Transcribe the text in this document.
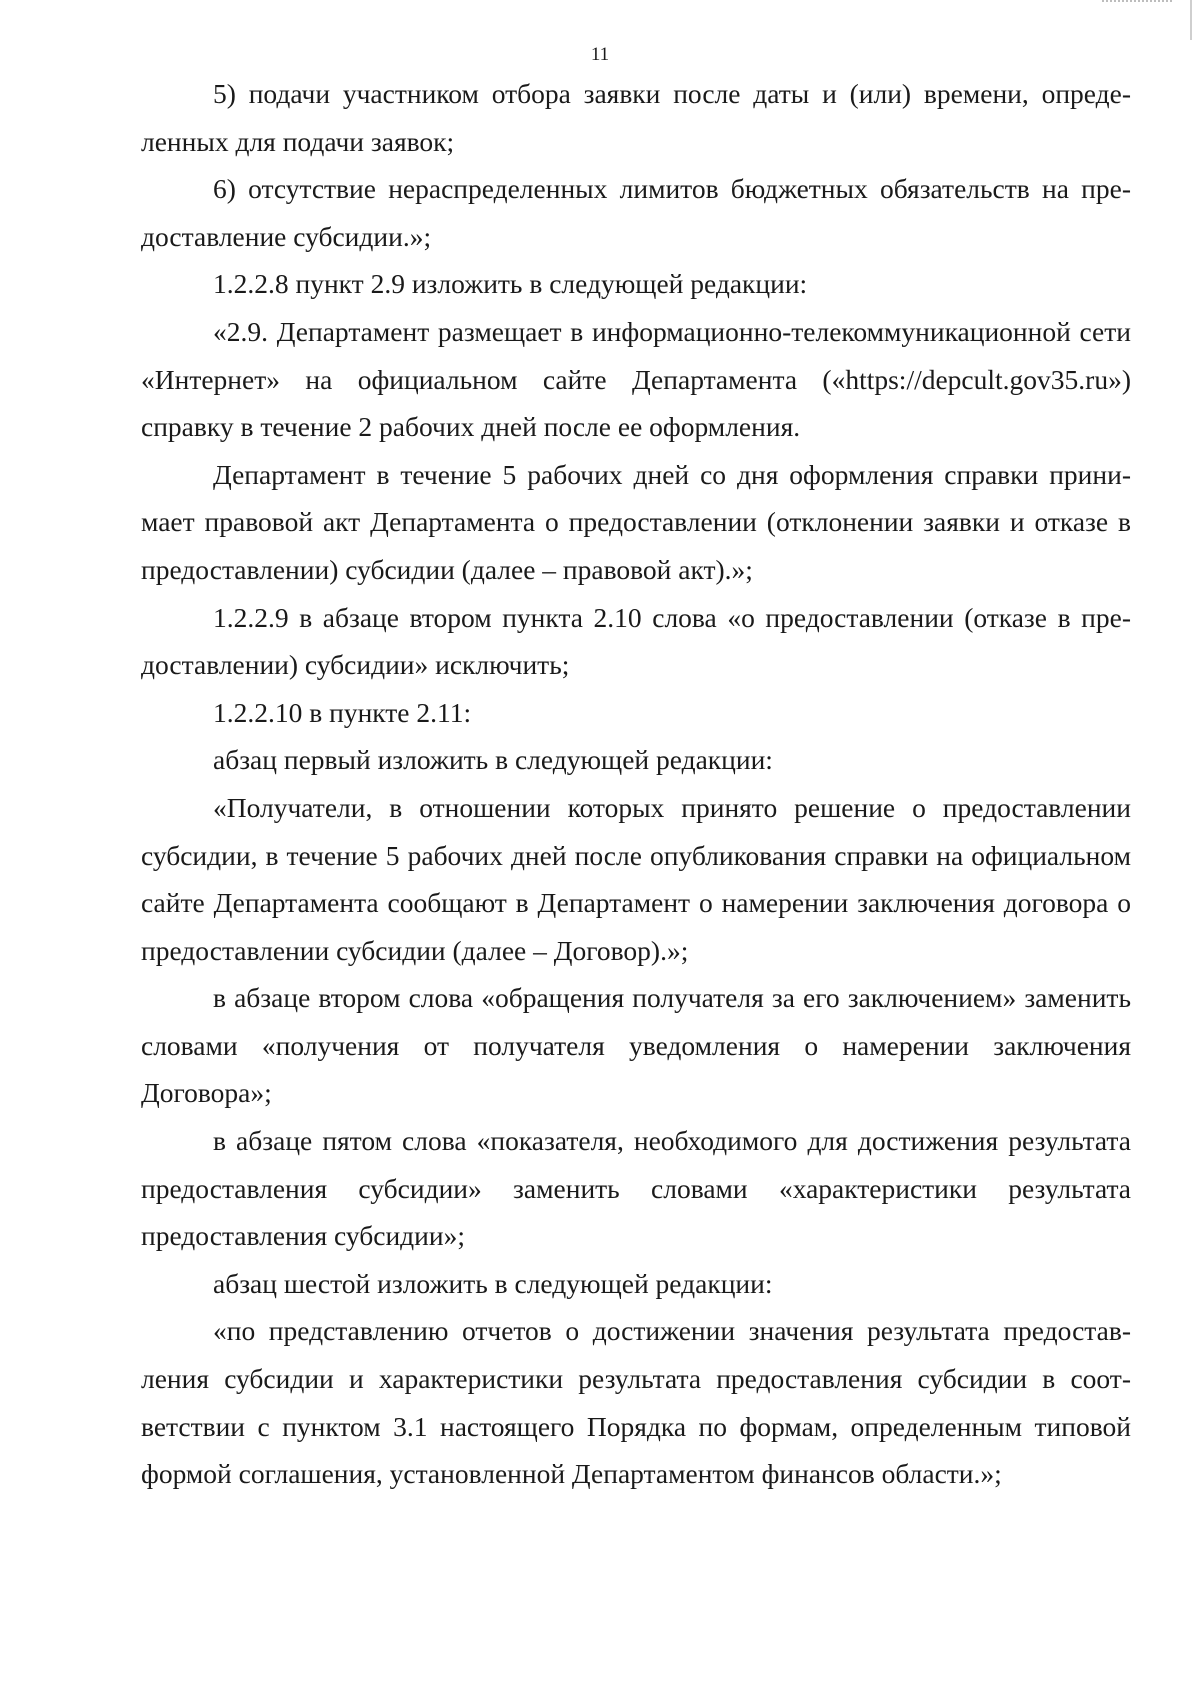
11

5) подачи участником отбора заявки после даты и (или) времени, определенных для подачи заявок;

6) отсутствие нераспределенных лимитов бюджетных обязательств на предоставление субсидии.»;

1.2.2.8 пункт 2.9 изложить в следующей редакции:

«2.9. Департамент размещает в информационно-телекоммуникационной сети «Интернет» на официальном сайте Департамента («https://depcult.gov35.ru») справку в течение 2 рабочих дней после ее оформления.

Департамент в течение 5 рабочих дней со дня оформления справки принимает правовой акт Департамента о предоставлении (отклонении заявки и отказе в предоставлении) субсидии (далее – правовой акт).»;

1.2.2.9 в абзаце втором пункта 2.10 слова «о предоставлении (отказе в предоставлении) субсидии» исключить;

1.2.2.10 в пункте 2.11:

абзац первый изложить в следующей редакции:

«Получатели, в отношении которых принято решение о предоставлении субсидии, в течение 5 рабочих дней после опубликования справки на официальном сайте Департамента сообщают в Департамент о намерении заключения договора о предоставлении субсидии (далее – Договор).»;

в абзаце втором слова «обращения получателя за его заключением» заменить словами «получения от получателя уведомления о намерении заключения Договора»;

в абзаце пятом слова «показателя, необходимого для достижения результата предоставления субсидии» заменить словами «характеристики результата предоставления субсидии»;

абзац шестой изложить в следующей редакции:

«по представлению отчетов о достижении значения результата предоставления субсидии и характеристики результата предоставления субсидии в соответствии с пунктом 3.1 настоящего Порядка по формам, определенным типовой формой соглашения, установленной Департаментом финансов области.»;
